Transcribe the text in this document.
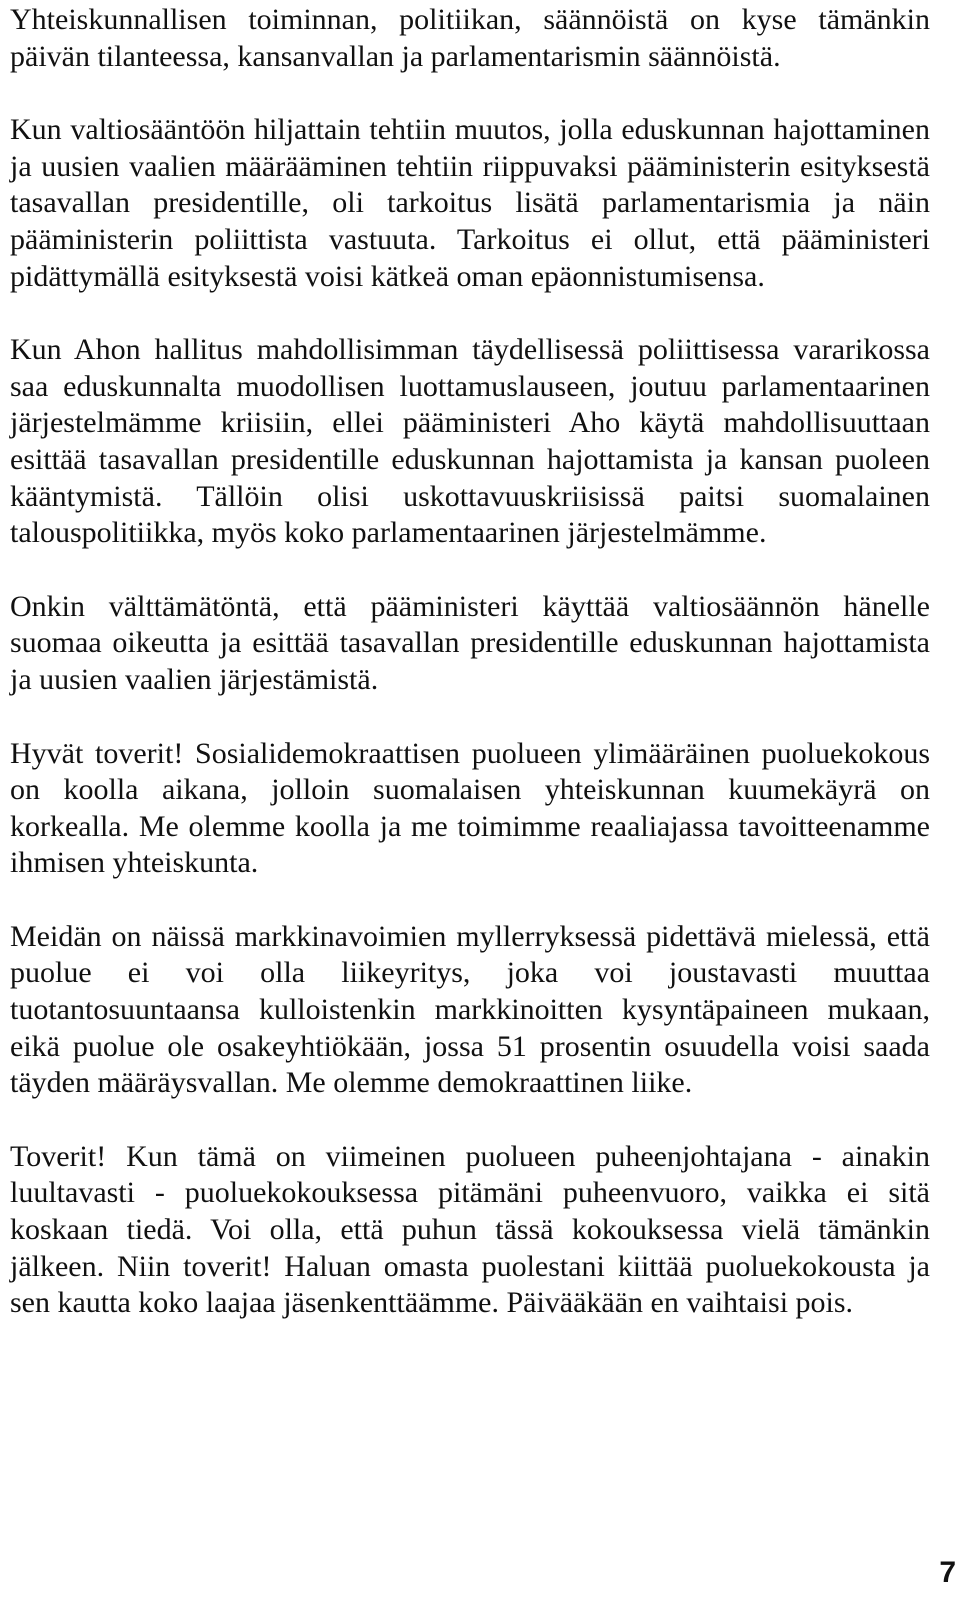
Yhteiskunnallisen toiminnan, politiikan, säännöistä on kyse tämänkin päivän tilanteessa, kansanvallan ja parlamentarismin säännöistä.

Kun valtiosääntöön hiljattain tehtiin muutos, jolla eduskunnan hajottaminen ja uusien vaalien määrääminen tehtiin riippuvaksi pääministerin esityksestä tasavallan presidentille, oli tarkoitus lisätä parlamentarismia ja näin pääministerin poliittista vastuuta. Tarkoitus ei ollut, että pääministeri pidättymällä esityksestä voisi kätkeä oman epäonnistumisensa.

Kun Ahon hallitus mahdollisimman täydellisessä poliittisessa vararikossa saa eduskunnalta muodollisen luottamuslauseen, joutuu parlamentaarinen järjestelmämme kriisiin, ellei pääministeri Aho käytä mahdollisuuttaan esittää tasavallan presidentille eduskunnan hajottamista ja kansan puoleen kääntymistä. Tällöin olisi uskottavuuskriisissä paitsi suomalainen talouspolitiikka, myös koko parlamentaarinen järjestelmämme.

Onkin välttämätöntä, että pääministeri käyttää valtiosäännön hänelle suomaa oikeutta ja esittää tasavallan presidentille eduskunnan hajottamista ja uusien vaalien järjestämistä.

Hyvät toverit! Sosialidemokraattisen puolueen ylimääräinen puoluekokous on koolla aikana, jolloin suomalaisen yhteiskunnan kuumekäyrä on korkealla. Me olemme koolla ja me toimimme reaaliajassa tavoitteenamme ihmisen yhteiskunta.

Meidän on näissä markkinavoimien myllerryksessä pidettävä mielessä, että puolue ei voi olla liikeyritys, joka voi joustavasti muuttaa tuotantosuuntaansa kulloistenkin markkinoitten kysyntäpaineen mukaan, eikä puolue ole osakeyhtiökään, jossa 51 prosentin osuudella voisi saada täyden määräysvallan. Me olemme demokraattinen liike.

Toverit! Kun tämä on viimeinen puolueen puheenjohtajana - ainakin luultavasti - puoluekokouksessa pitämäni puheenvuoro, vaikka ei sitä koskaan tiedä. Voi olla, että puhun tässä kokouksessa vielä tämänkin jälkeen. Niin toverit! Haluan omasta puolestani kiittää puoluekokousta ja sen kautta koko laajaa jäsenkenttäämme. Päivääkään en vaihtaisi pois.

7
